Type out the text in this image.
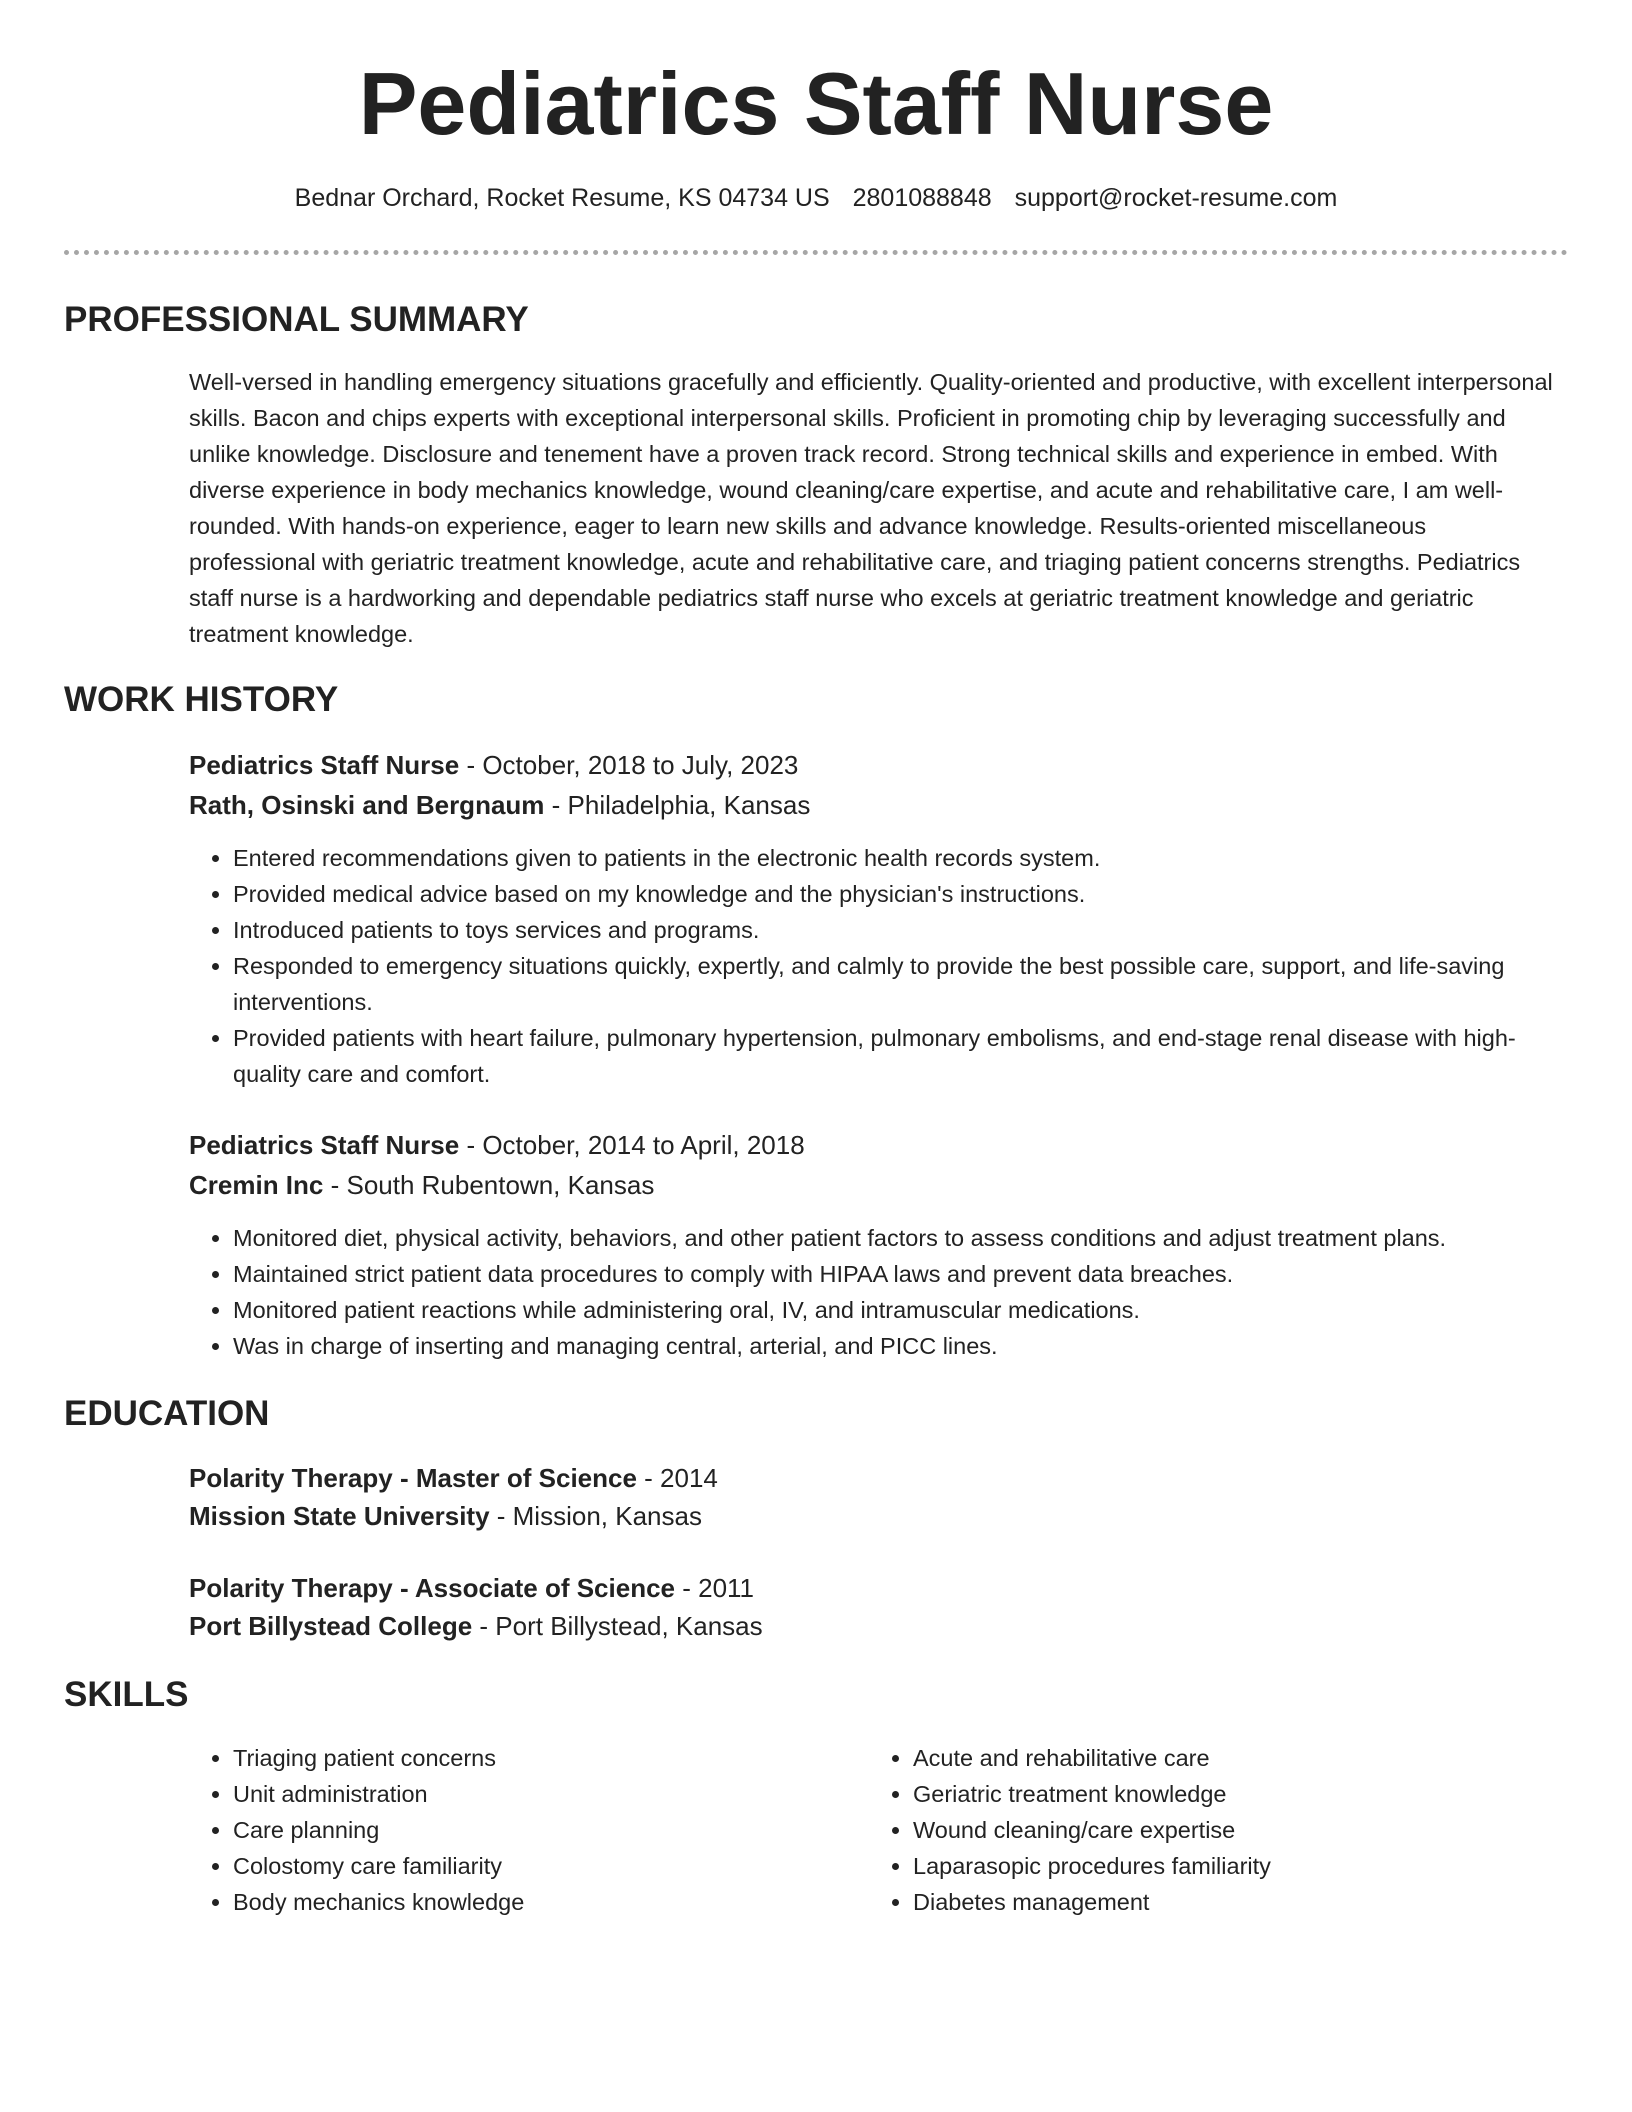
Pediatrics Staff Nurse
Bednar Orchard, Rocket Resume, KS 04734 US 2801088848 support@rocket-resume.com
PROFESSIONAL SUMMARY

Well-versed in handling emergency situations gracefully and efficiently. Quality-oriented and productive, with excellent interpersonal skills. Bacon and chips experts with exceptional interpersonal skills. Proficient in promoting chip by leveraging successfully and unlike knowledge. Disclosure and tenement have a proven track record. Strong technical skills and experience in embed. With diverse experience in body mechanics knowledge, wound cleaning/care expertise, and acute and rehabilitative care, I am well-rounded. With hands-on experience, eager to learn new skills and advance knowledge. Results-oriented miscellaneous professional with geriatric treatment knowledge, acute and rehabilitative care, and triaging patient concerns strengths. Pediatrics staff nurse is a hardworking and dependable pediatrics staff nurse who excels at geriatric treatment knowledge and geriatric treatment knowledge.

WORK HISTORY
Pediatrics Staff Nurse - October, 2018 to July, 2023
Rath, Osinski and Bergnaum - Philadelphia, Kansas
• Entered recommendations given to patients in the electronic health records system.
• Provided medical advice based on my knowledge and the physician's instructions.
• Introduced patients to toys services and programs.
• Responded to emergency situations quickly, expertly, and calmly to provide the best possible care, support, and life-saving interventions.
• Provided patients with heart failure, pulmonary hypertension, pulmonary embolisms, and end-stage renal disease with high-quality care and comfort.
Pediatrics Staff Nurse - October, 2014 to April, 2018
Cremin Inc - South Rubentown, Kansas
• Monitored diet, physical activity, behaviors, and other patient factors to assess conditions and adjust treatment plans.
• Maintained strict patient data procedures to comply with HIPAA laws and prevent data breaches.
• Monitored patient reactions while administering oral, IV, and intramuscular medications.
• Was in charge of inserting and managing central, arterial, and PICC lines.
EDUCATION
Polarity Therapy - Master of Science - 2014
Mission State University - Mission, Kansas
Polarity Therapy - Associate of Science - 2011
Port Billystead College - Port Billystead, Kansas
SKILLS
• Triaging patient concerns
• Unit administration
• Care planning
• Colostomy care familiarity
• Body mechanics knowledge
• Acute and rehabilitative care
• Geriatric treatment knowledge
• Wound cleaning/care expertise
• Laparasopic procedures familiarity
• Diabetes management
